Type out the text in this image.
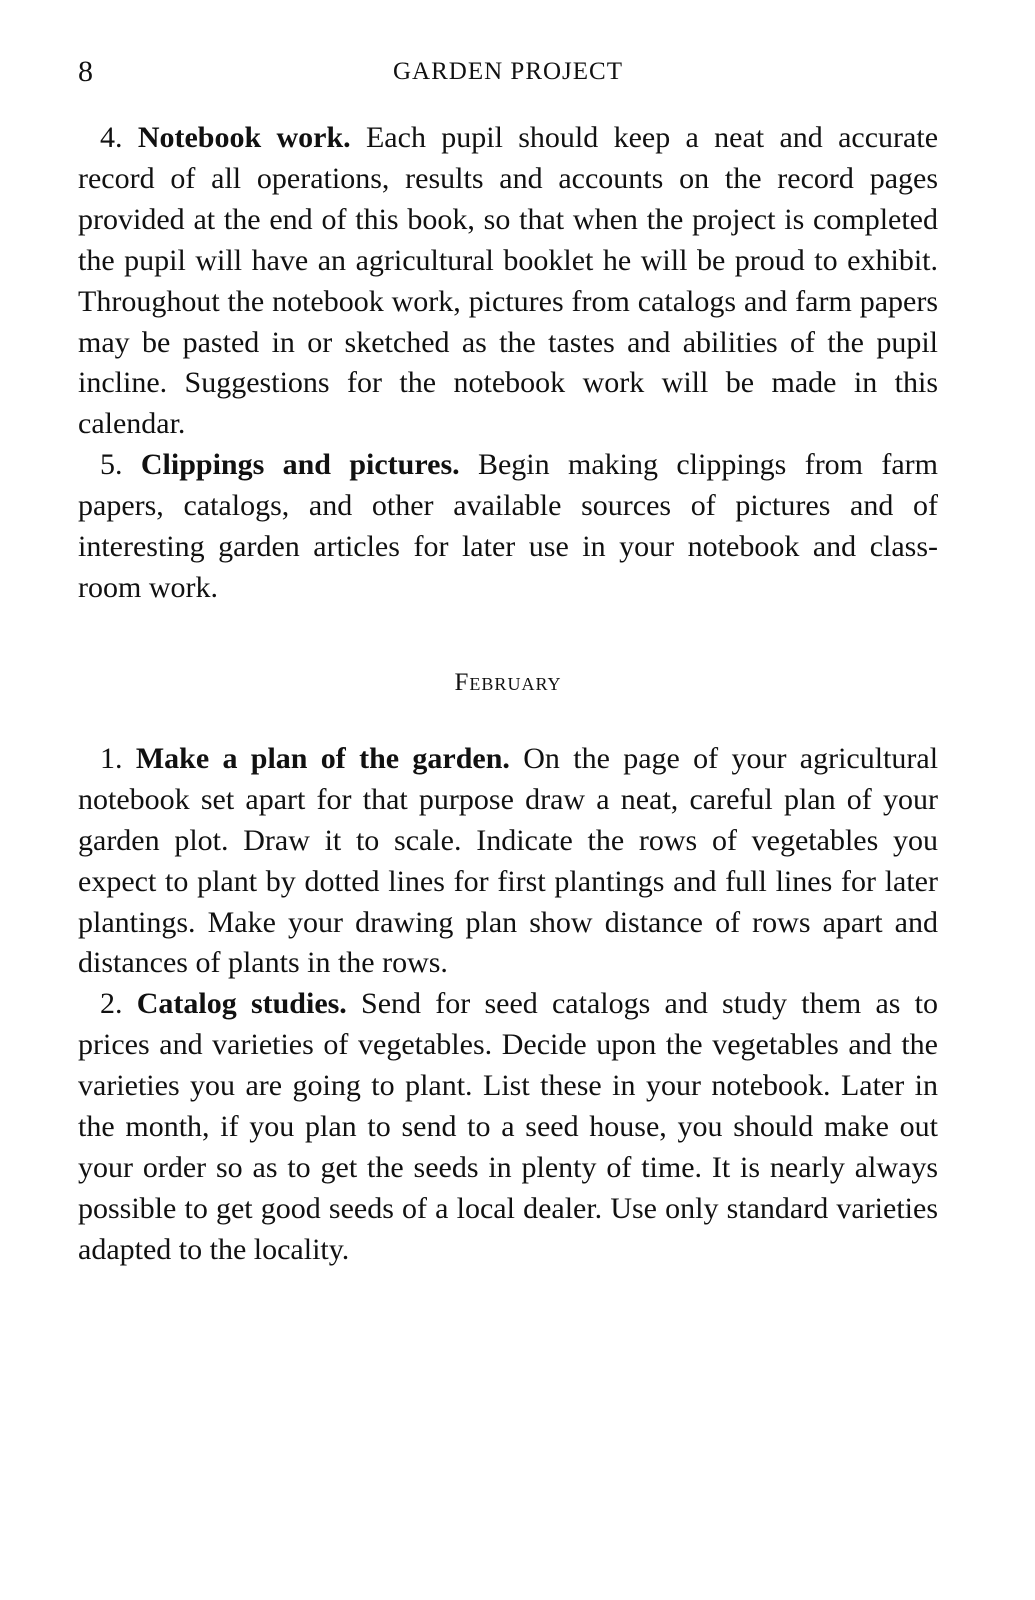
8	GARDEN PROJECT

4. Notebook work. Each pupil should keep a neat and accurate record of all operations, results and accounts on the record pages provided at the end of this book, so that when the project is completed the pupil will have an agricultural booklet he will be proud to exhibit. Throughout the notebook work, pictures from catalogs and farm papers may be pasted in or sketched as the tastes and abilities of the pupil incline. Suggestions for the notebook work will be made in this calendar.

5. Clippings and pictures. Begin making clippings from farm papers, catalogs, and other available sources of pictures and of interesting garden articles for later use in your notebook and class-room work.

February

1. Make a plan of the garden. On the page of your agricultural notebook set apart for that purpose draw a neat, careful plan of your garden plot. Draw it to scale. Indicate the rows of vegetables you expect to plant by dotted lines for first plantings and full lines for later plantings. Make your drawing plan show distance of rows apart and distances of plants in the rows.

2. Catalog studies. Send for seed catalogs and study them as to prices and varieties of vegetables. Decide upon the vegetables and the varieties you are going to plant. List these in your notebook. Later in the month, if you plan to send to a seed house, you should make out your order so as to get the seeds in plenty of time. It is nearly always possible to get good seeds of a local dealer. Use only standard varieties adapted to the locality.
